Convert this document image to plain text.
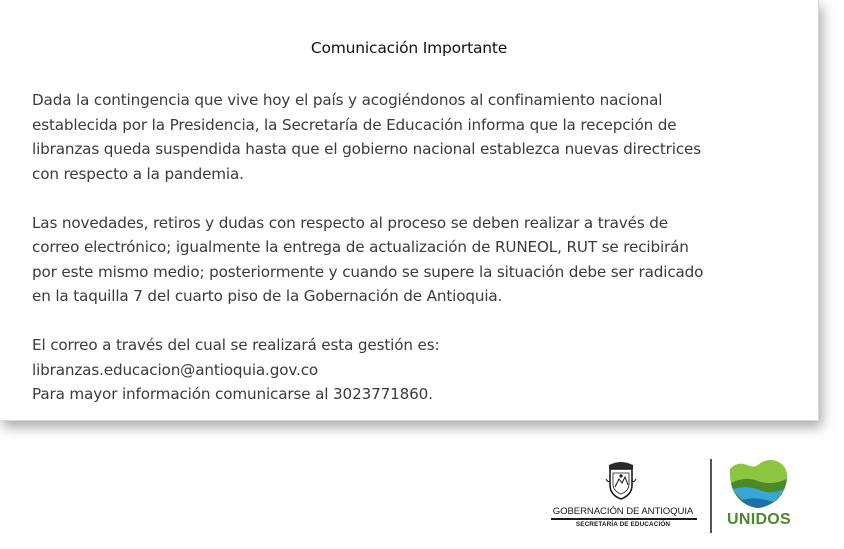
Comunicación Importante

Dada la contingencia que vive hoy el país y acogiéndonos al confinamiento nacional
establecida por la Presidencia, la Secretaría de Educación informa que la recepción de
libranzas queda suspendida hasta que el gobierno nacional establezca nuevas directrices
con respecto a la pandemia.

Las novedades, retiros y dudas con respecto al proceso se deben realizar a través de
correo electrónico; igualmente la entrega de actualización de RUNEOL, RUT se recibirán
por este mismo medio; posteriormente y cuando se supere la situación debe ser radicado
en la taquilla 7 del cuarto piso de la Gobernación de Antioquia.

El correo a través del cual se realizará esta gestión es:
libranzas.educacion@antioquia.gov.co
Para mayor información comunicarse al 3023771860.

GOBERNACIÓN DE ANTIOQUIA
SECRETARÍA DE EDUCACIÓN	UNIDOS
